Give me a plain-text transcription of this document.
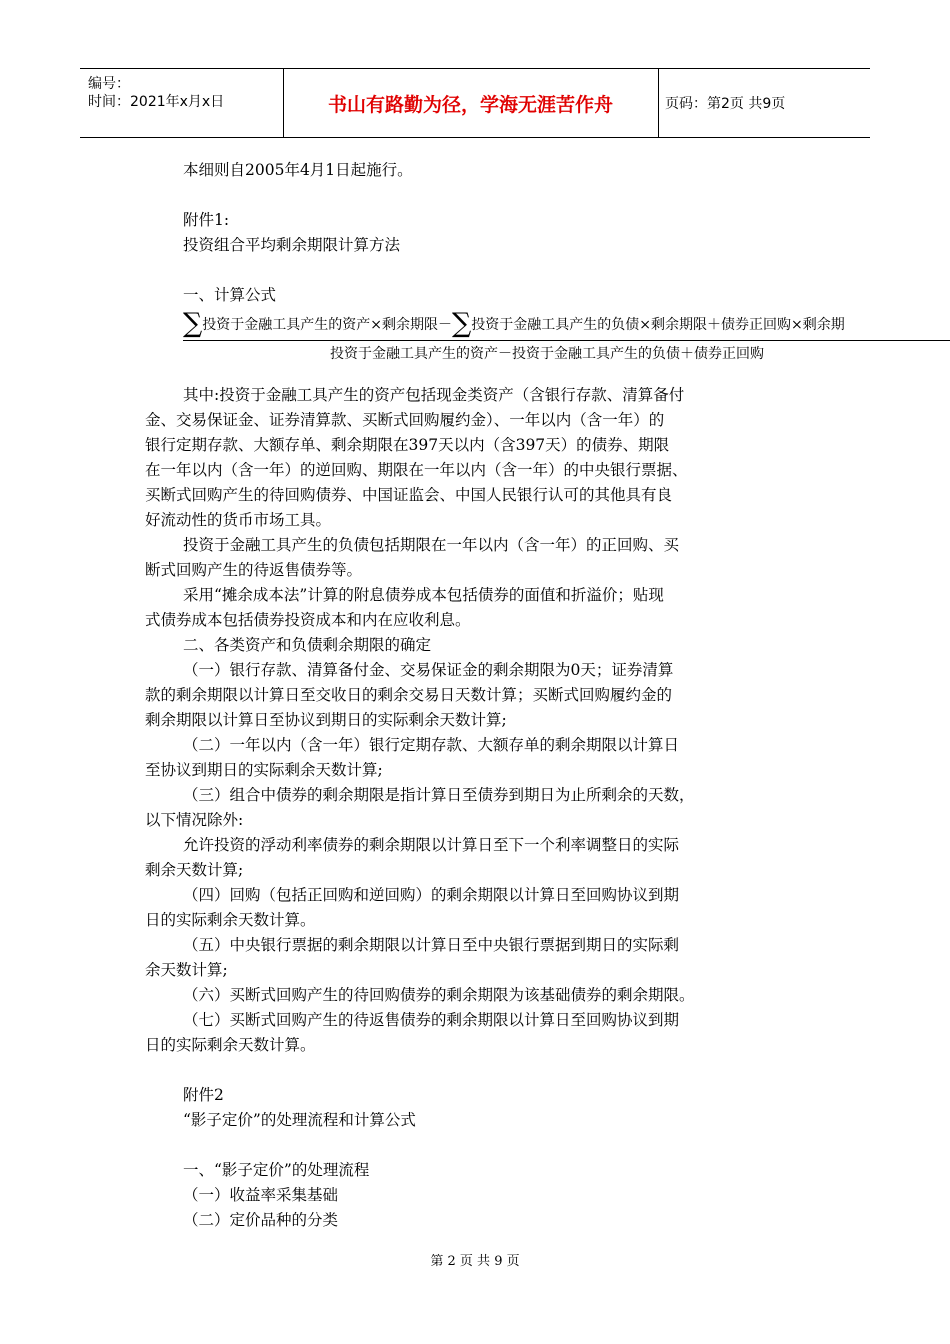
编号：
时间：2021年x月x日	书山有路勤为径，学海无涯苦作舟	页码：第2页 共9页
本细则自2005年4月1日起施行。
附件1:
投资组合平均剩余期限计算方法
一、计算公式
∑投资于金融工具产生的资产×剩余期限－∑投资于金融工具产生的负债×剩余期限＋债券正回购×剩余期
投资于金融工具产生的资产－投资于金融工具产生的负债＋债券正回购
其中:投资于金融工具产生的资产包括现金类资产（含银行存款、清算备付
金、交易保证金、证券清算款、买断式回购履约金）、一年以内（含一年）的
银行定期存款、大额存单、剩余期限在397天以内（含397天）的债券、期限
在一年以内（含一年）的逆回购、期限在一年以内（含一年）的中央银行票据、
买断式回购产生的待回购债券、中国证监会、中国人民银行认可的其他具有良
好流动性的货币市场工具。
投资于金融工具产生的负债包括期限在一年以内（含一年）的正回购、买
断式回购产生的待返售债券等。
采用“摊余成本法”计算的附息债券成本包括债券的面值和折溢价；贴现
式债券成本包括债券投资成本和内在应收利息。
二、各类资产和负债剩余期限的确定
（一）银行存款、清算备付金、交易保证金的剩余期限为0天；证券清算
款的剩余期限以计算日至交收日的剩余交易日天数计算；买断式回购履约金的
剩余期限以计算日至协议到期日的实际剩余天数计算;
（二）一年以内（含一年）银行定期存款、大额存单的剩余期限以计算日
至协议到期日的实际剩余天数计算;
（三）组合中债券的剩余期限是指计算日至债券到期日为止所剩余的天数，
以下情况除外:
允许投资的浮动利率债券的剩余期限以计算日至下一个利率调整日的实际
剩余天数计算;
（四）回购（包括正回购和逆回购）的剩余期限以计算日至回购协议到期
日的实际剩余天数计算。
（五）中央银行票据的剩余期限以计算日至中央银行票据到期日的实际剩
余天数计算;
（六）买断式回购产生的待回购债券的剩余期限为该基础债券的剩余期限。
（七）买断式回购产生的待返售债券的剩余期限以计算日至回购协议到期
日的实际剩余天数计算。
附件2
“影子定价”的处理流程和计算公式
一、“影子定价”的处理流程
（一）收益率采集基础
（二）定价品种的分类
第 2 页 共 9 页
